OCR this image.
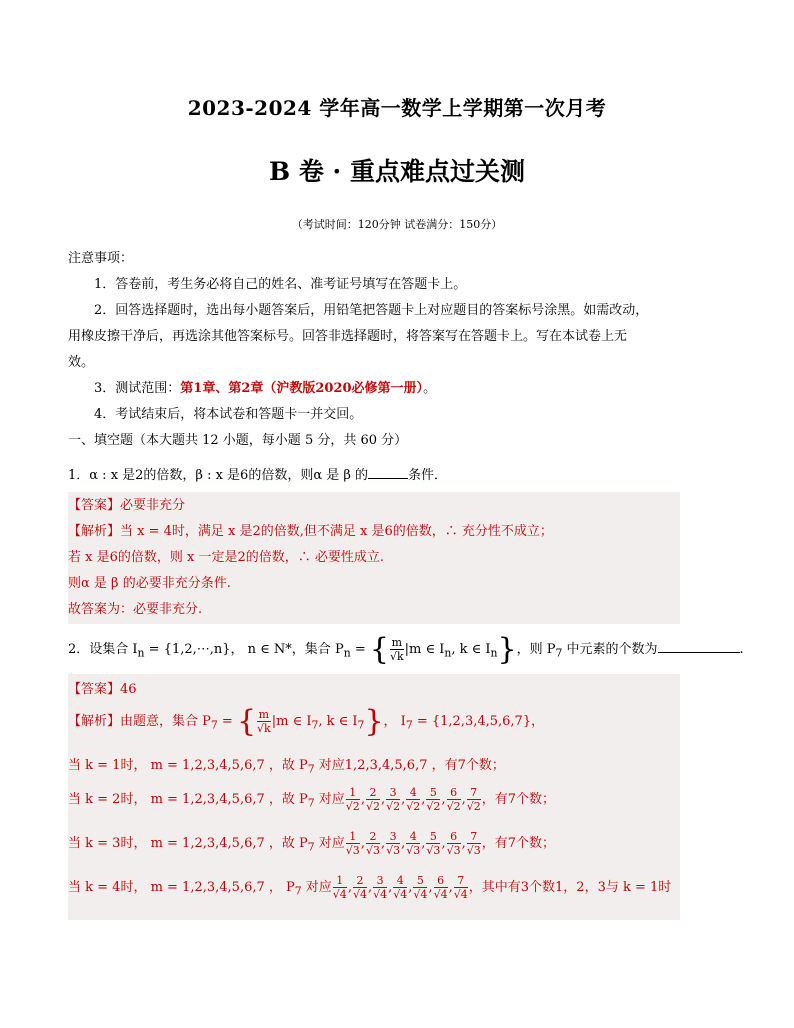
2023-2024 学年高一数学上学期第一次月考
B 卷 · 重点难点过关测
（考试时间：120分钟 试卷满分：150分）
注意事项：
1．答卷前，考生务必将自己的姓名、准考证号填写在答题卡上。
2．回答选择题时，选出每小题答案后，用铅笔把答题卡上对应题目的答案标号涂黑。如需改动，
用橡皮擦干净后，再选涂其他答案标号。回答非选择题时，将答案写在答题卡上。写在本试卷上无
效。
3．测试范围：第1章、第2章（沪教版2020必修第一册）。
4．考试结束后，将本试卷和答题卡一并交回。
一、填空题（本大题共 12 小题，每小题 5 分，共 60 分）
1．α : x 是2的倍数，β : x 是6的倍数，则α 是 β 的	条件．
【答案】必要非充分
【解析】当 x = 4时，满足 x 是2的倍数,但不满足 x 是6的倍数，∴ 充分性不成立；
若 x 是6的倍数，则 x 一定是2的倍数，∴ 必要性成立.
则α 是 β 的必要非充分条件.
故答案为：必要非充分.
2．设集合 $I_n$ = {1,2,⋯,n}， n ∈ N*，集合 $P_n$ = { $\frac{m}{√k} |m$ ∈ $I_n$, k ∈ $I_n$}，则 $P_7$ 中元素的个数为	.
【答案】46
【解析】由题意，集合 $P_7$ = { $\frac{m}{√k} |m$ ∈ $I_7$, k ∈ $I_7$}， $I_7 = \{1,2,3,4,5,6,7\}$，
当 k = 1时， m = 1,2,3,4,5,6,7 ，故 $P_7$ 对应1,2,3,4,5,6,7 ，有7个数；
当 k = 2时， m = 1,2,3,4,5,6,7 ，故 $P_7$ 对应 $\frac{1}{√2}$ , $\frac{2}{√2}$ , $\frac{3}{√2}$ , $\frac{4}{√2}$ , $\frac{5}{√2}$ , $\frac{6}{√2}$ , $\frac{7}{√2}$ ，有7个数；
当 k = 3时， m = 1,2,3,4,5,6,7 ，故 $P_7$ 对应 $\frac{1}{√3}$ , $\frac{2}{√3}$ , $\frac{3}{√3}$ , $\frac{4}{√3}$ , $\frac{5}{√3}$ , $\frac{6}{√3}$ , $\frac{7}{√3}$ ，有7个数；
当 k = 4时， m = 1,2,3,4,5,6,7 ， $P_7$ 对应 $\frac{1}{√4}$ , $\frac{2}{√4}$ , $\frac{3}{√4}$ , $\frac{4}{√4}$ , $\frac{5}{√4}$ , $\frac{6}{√4}$ , $\frac{7}{√4}$ ，其中有3个数1，2，3与 k = 1时
